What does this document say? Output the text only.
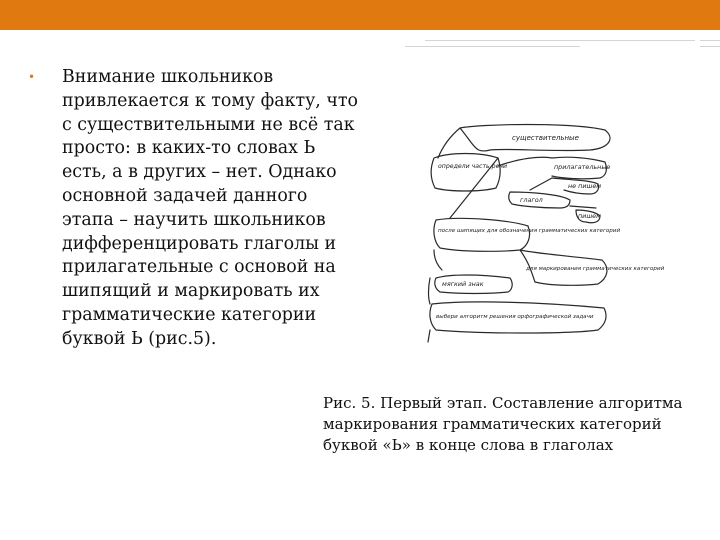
• Внимание школьников привлекается к тому факту, что с существительными не всё так просто: в каких-то словах Ь есть, а в других – нет. Однако основной задачей данного этапа – научить школьников дифференцировать глаголы и прилагательные с основой на шипящий и маркировать их грамматические категории буквой Ь (рис.5).

существительные
определи часть речи	прилагательные
не пишем
глагол
пишем
после шипящих для обозначения грамматических категорий
для маркирования грамматических категорий
мягкий знак
выбери алгоритм решения орфографической задачи

Рис. 5. Первый этап. Составление алгоритма маркирования грамматических категорий буквой «Ь» в конце слова в глаголах
